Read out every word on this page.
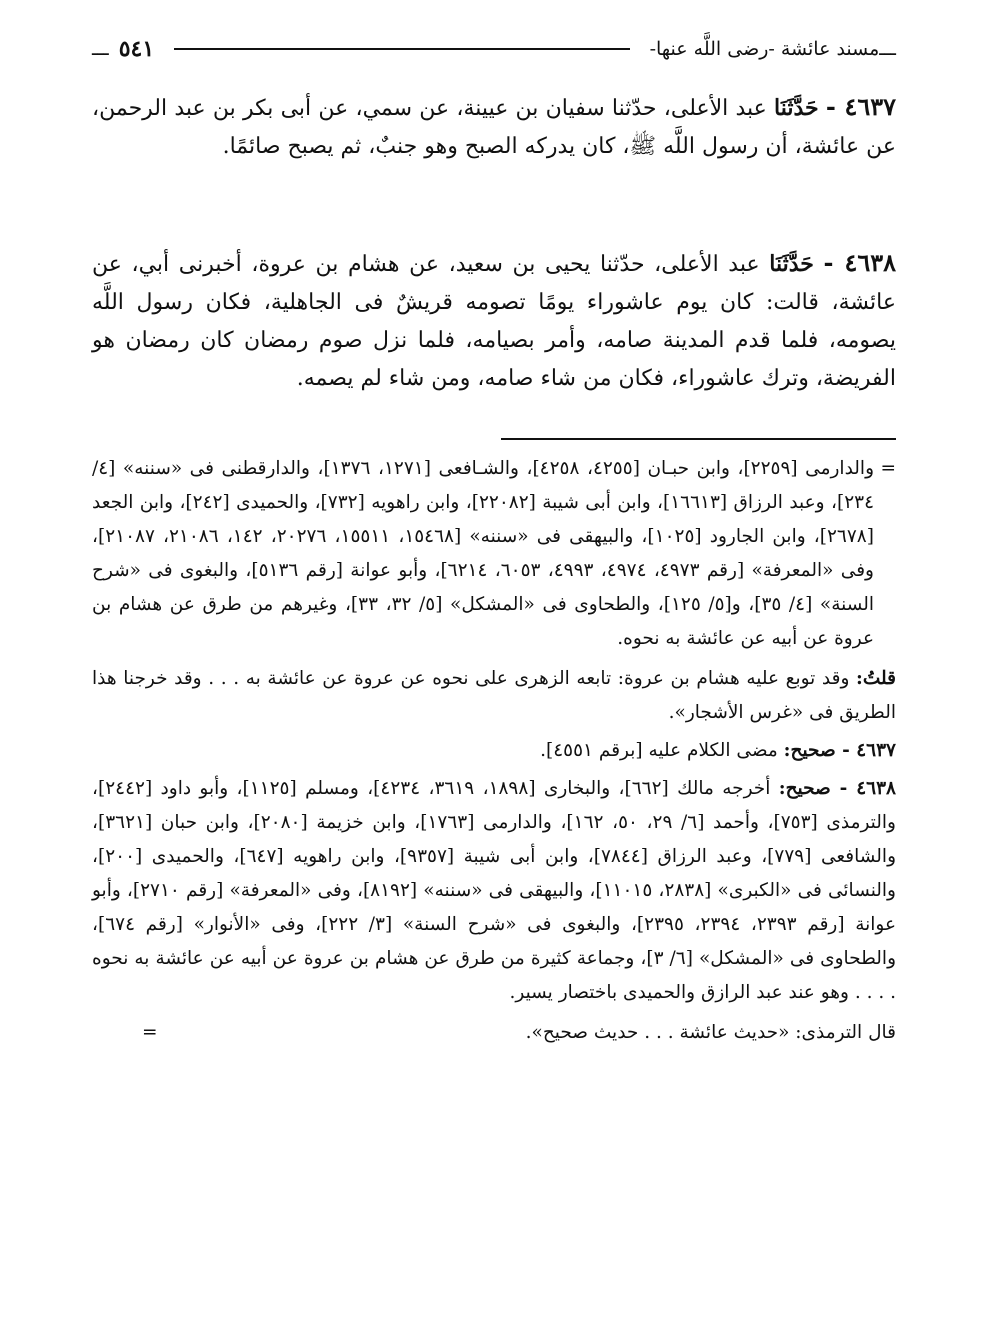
ـــ
مسند عائشة -رضى اللَّه عنها-
٥٤١
ـــ
٤٦٣٧ - حَدَّثَنَا عبد الأعلى، حدّثنا سفيان بن عيينة، عن سمي، عن أبى بكر بن عبد الرحمن، عن عائشة، أن رسول اللَّه ﷺ، كان يدركه الصبح وهو جنبٌ، ثم يصبح صائمًا.
٤٦٣٨ - حَدَّثَنَا عبد الأعلى، حدّثنا يحيى بن سعيد، عن هشام بن عروة، أخبرنى أبي، عن عائشة، قالت: كان يوم عاشوراء يومًا تصومه قريشٌ فى الجاهلية، فكان رسول اللَّه يصومه، فلما قدم المدينة صامه، وأمر بصيامه، فلما نزل صوم رمضان كان رمضان هو الفريضة، وترك عاشوراء، فكان من شاء صامه، ومن شاء لم يصمه.

=
والدارمى [٢٢٥٩]، وابن حبـان [٤٢٥٥، ٤٢٥٨]، والشـافعى [١٢٧١، ١٣٧٦]، والدارقطنى فى «سننه» [٤/ ٢٣٤]، وعبد الرزاق [١٦٦١٣]، وابن أبى شيبة [٢٢٠٨٢]، وابن راهويه [٧٣٢]، والحميدى [٢٤٢]، وابن الجعد [٢٦٧٨]، وابن الجارود [١٠٢٥]، والبيهقى فى «سننه» [١٥٤٦٨، ١٥٥١١، ٢٠٢٧٦، ١٤٢، ٢١٠٨٦، ٢١٠٨٧]، وفى «المعرفة» [رقم ٤٩٧٣، ٤٩٧٤، ٤٩٩٣، ٦٠٥٣، ٦٢١٤]، وأبو عوانة [رقم ٥١٣٦]، والبغوى فى «شرح السنة» [٤/ ٣٥]، و[٥/ ١٢٥]، والطحاوى فى «المشكل» [٥/ ٣٢، ٣٣]، وغيرهم من طرق عن هشام بن عروة عن أبيه عن عائشة به نحوه.

قلتُ: وقد توبع عليه هشام بن عروة: تابعه الزهرى على نحوه عن عروة عن عائشة به . . . وقد خرجنا هذا الطريق فى «غرس الأشجار».

٤٦٣٧ - صحيح: مضى الكلام عليه [برقم ٤٥٥١].

٤٦٣٨ - صحيح: أخرجه مالك [٦٦٢]، والبخارى [١٨٩٨، ٣٦١٩، ٤٢٣٤]، ومسلم [١١٢٥]، وأبو داود [٢٤٤٢]، والترمذى [٧٥٣]، وأحمد [٦/ ٢٩، ٥٠، ١٦٢]، والدارمى [١٧٦٣]، وابن خزيمة [٢٠٨٠]، وابن حبان [٣٦٢١]، والشافعى [٧٧٩]، وعبد الرزاق [٧٨٤٤]، وابن أبى شيبة [٩٣٥٧]، وابن راهويه [٦٤٧]، والحميدى [٢٠٠]، والنسائى فى «الكبرى» [٢٨٣٨، ١١٠١٥]، والبيهقى فى «سننه» [٨١٩٢]، وفى «المعرفة» [رقم ٢٧١٠]، وأبو عوانة [رقم ٢٣٩٣، ٢٣٩٤، ٢٣٩٥]، والبغوى فى «شرح السنة» [٣/ ٢٢٢]، وفى «الأنوار» [رقم ٦٧٤]، والطحاوى فى «المشكل» [٦/ ٣]، وجماعة كثيرة من طرق عن هشام بن عروة عن أبيه عن عائشة به نحوه . . . . وهو عند عبد الرازق والحميدى باختصار يسير.

قال الترمذى: «حديث عائشة . . . حديث صحيح».
=
